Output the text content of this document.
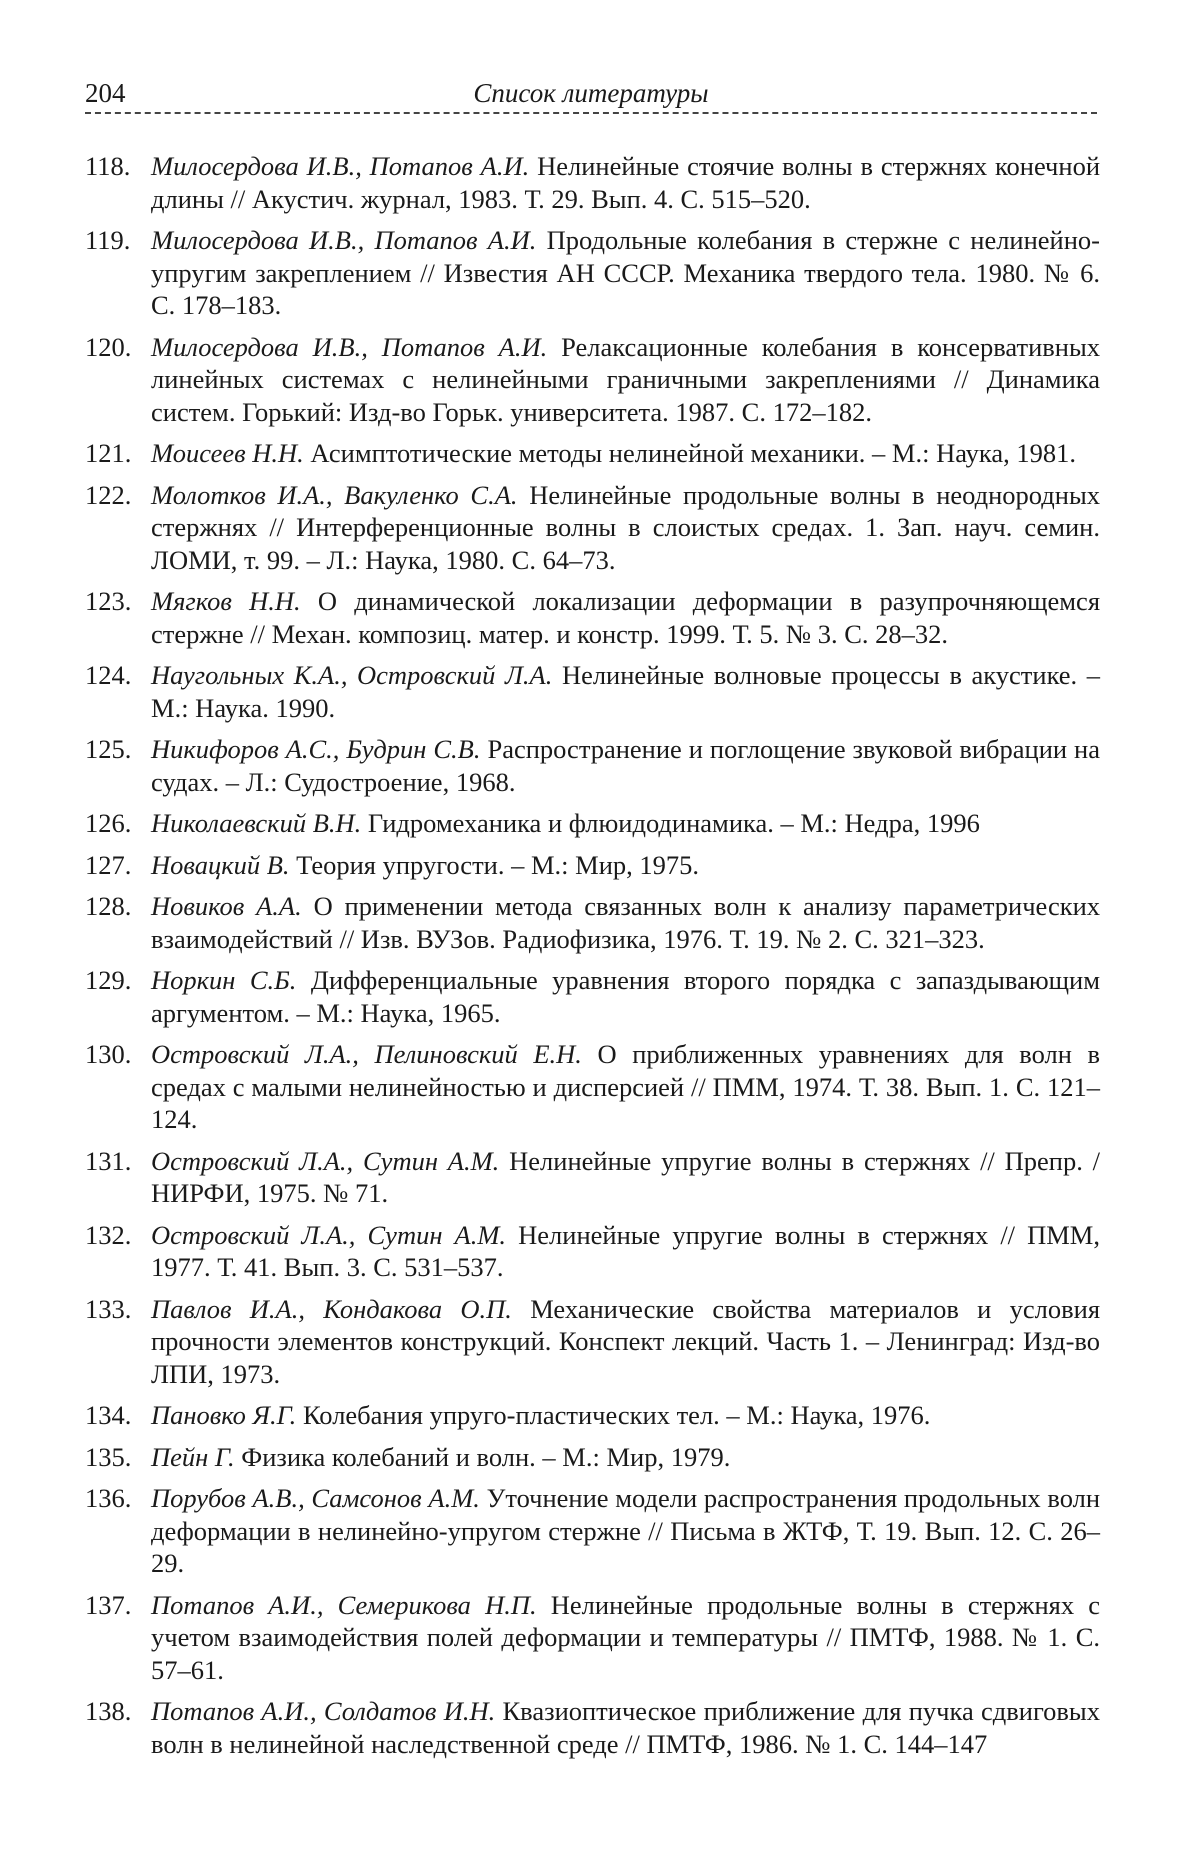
204	Список литературы
118. Милосердова И.В., Потапов А.И. Нелинейные стоячие волны в стержнях конечной длины // Акустич. журнал, 1983. Т. 29. Вып. 4. С. 515–520.
119. Милосердова И.В., Потапов А.И. Продольные колебания в стержне с нелинейно-упругим закреплением // Известия АН СССР. Механика твердого тела. 1980. № 6. С. 178–183.
120. Милосердова И.В., Потапов А.И. Релаксационные колебания в консервативных линейных системах с нелинейными граничными закреплениями // Динамика систем. Горький: Изд-во Горьк. университета. 1987. С. 172–182.
121. Моисеев Н.Н. Асимптотические методы нелинейной механики. – М.: Наука, 1981.
122. Молотков И.А., Вакуленко С.А. Нелинейные продольные волны в неоднородных стержнях // Интерференционные волны в слоистых средах. 1. Зап. науч. семин. ЛОМИ, т. 99. – Л.: Наука, 1980. С. 64–73.
123. Мягков Н.Н. О динамической локализации деформации в разупрочняющемся стержне // Механ. композиц. матер. и констр. 1999. Т. 5. № 3. С. 28–32.
124. Наугольных К.А., Островский Л.А. Нелинейные волновые процессы в акустике. – М.: Наука. 1990.
125. Никифоров А.С., Будрин С.В. Распространение и поглощение звуковой вибрации на судах. – Л.: Судостроение, 1968.
126. Николаевский В.Н. Гидромеханика и флюидодинамика. – М.: Недра, 1996
127. Новацкий В. Теория упругости. – М.: Мир, 1975.
128. Новиков А.А. О применении метода связанных волн к анализу параметрических взаимодействий // Изв. ВУЗов. Радиофизика, 1976. Т. 19. № 2. С. 321–323.
129. Норкин С.Б. Дифференциальные уравнения второго порядка с запаздывающим аргументом. – М.: Наука, 1965.
130. Островский Л.А., Пелиновский Е.Н. О приближенных уравнениях для волн в средах с малыми нелинейностью и дисперсией // ПММ, 1974. Т. 38. Вып. 1. С. 121–124.
131. Островский Л.А., Сутин А.М. Нелинейные упругие волны в стержнях // Препр. / НИРФИ, 1975. № 71.
132. Островский Л.А., Сутин А.М. Нелинейные упругие волны в стержнях // ПММ, 1977. Т. 41. Вып. 3. С. 531–537.
133. Павлов И.А., Кондакова О.П. Механические свойства материалов и условия прочности элементов конструкций. Конспект лекций. Часть 1. – Ленинград: Изд-во ЛПИ, 1973.
134. Пановко Я.Г. Колебания упруго-пластических тел. – М.: Наука, 1976.
135. Пейн Г. Физика колебаний и волн. – М.: Мир, 1979.
136. Порубов А.В., Самсонов А.М. Уточнение модели распространения продольных волн деформации в нелинейно-упругом стержне // Письма в ЖТФ, Т. 19. Вып. 12. С. 26–29.
137. Потапов А.И., Семерикова Н.П. Нелинейные продольные волны в стержнях с учетом взаимодействия полей деформации и температуры // ПМТФ, 1988. № 1. С. 57–61.
138. Потапов А.И., Солдатов И.Н. Квазиоптическое приближение для пучка сдвиговых волн в нелинейной наследственной среде // ПМТФ, 1986. № 1. С. 144–147
